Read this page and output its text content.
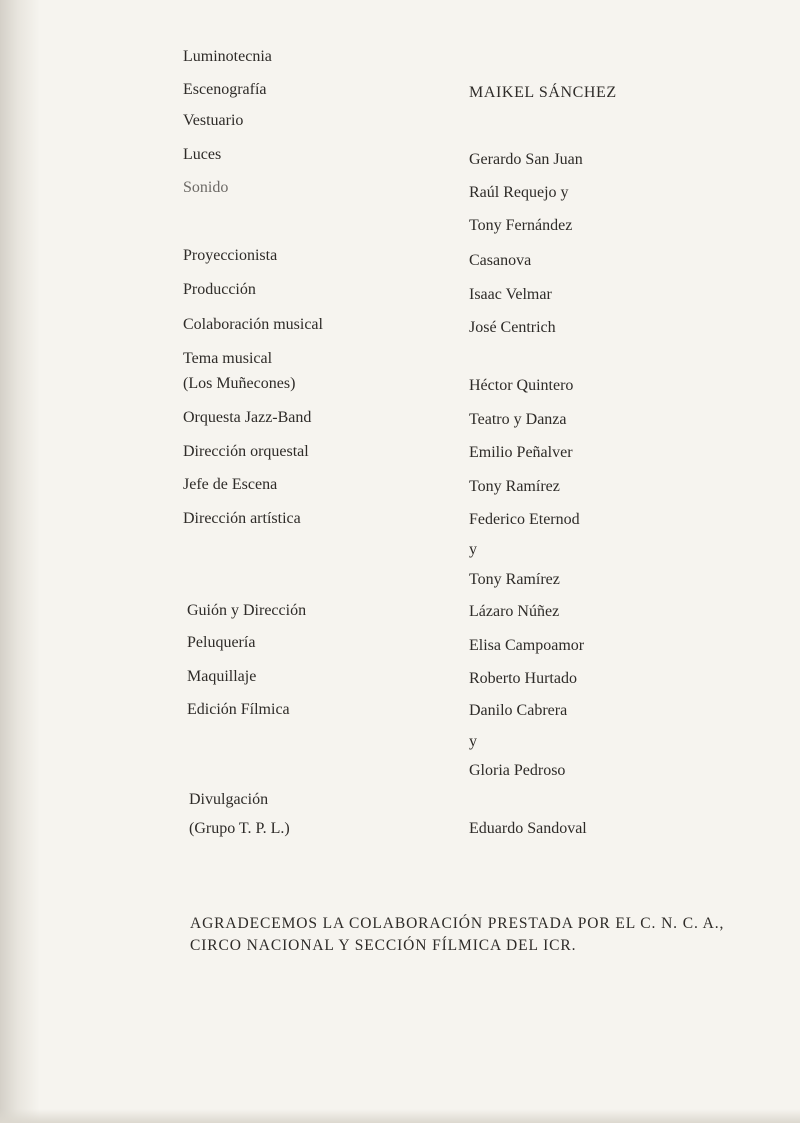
Luminotecnia
Escenografía
Vestuario
Luces
Sonido
Proyeccionista
Producción
Colaboración musical
Tema musical
(Los Muñecones)
Orquesta Jazz-Band
Dirección orquestal
Jefe de Escena
Dirección artística
Guión y Dirección
Peluquería
Maquillaje
Edición Fílmica
Divulgación
(Grupo T. P. L.)
MAIKEL SÁNCHEZ
Gerardo San Juan
Raúl Requejo y
Tony Fernández
Casanova
Isaac Velmar
José Centrich
Héctor Quintero
Teatro y Danza
Emilio Peñalver
Tony Ramírez
Federico Eternod
y
Tony Ramírez
Lázaro Núñez
Elisa Campoamor
Roberto Hurtado
Danilo Cabrera
y
Gloria Pedroso
Eduardo Sandoval
AGRADECEMOS LA COLABORACIÓN PRESTADA POR EL C. N. C. A., CIRCO NACIONAL Y SECCIÓN FÍLMICA DEL ICR.
